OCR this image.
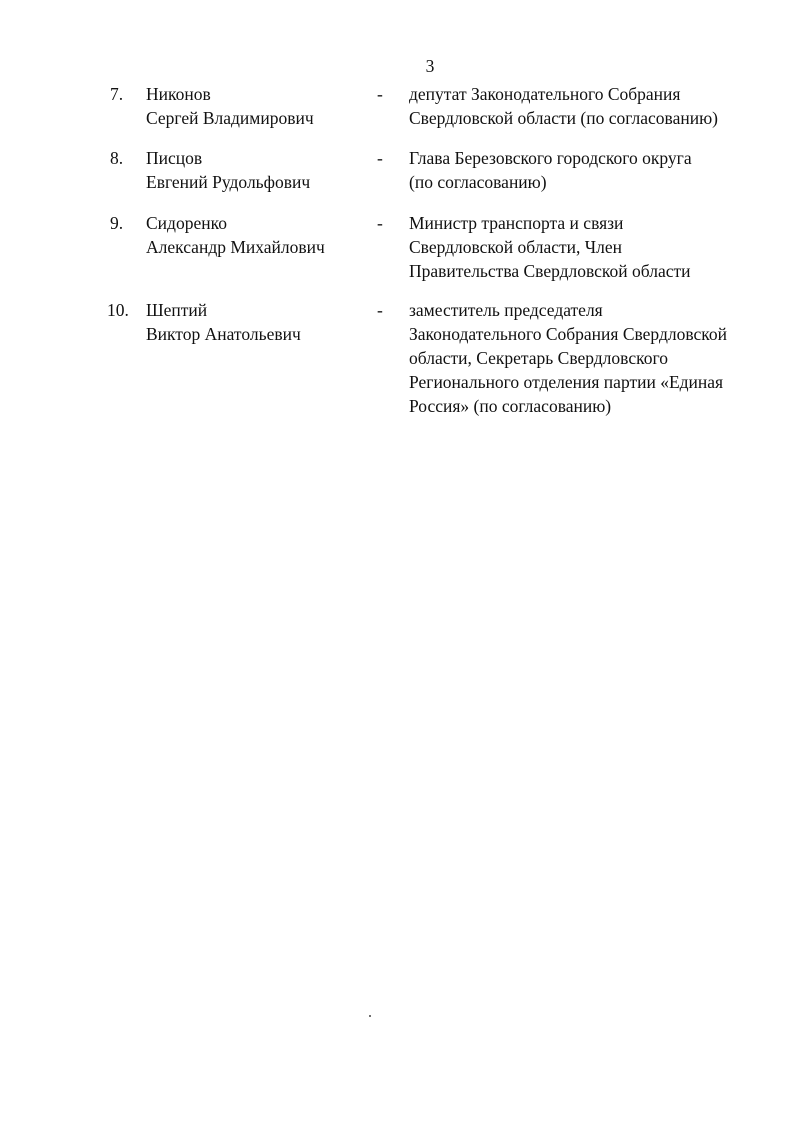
3
7. Никонов
Сергей Владимирович
- депутат Законодательного Собрания
Свердловской области (по согласованию)
8. Писцов
Евгений Рудольфович
- Глава Березовского городского округа
(по согласованию)
9. Сидоренко
Александр Михайлович
- Министр транспорта и связи
Свердловской области, Член
Правительства Свердловской области
10. Шептий
Виктор Анатольевич
- заместитель председателя
Законодательного Собрания Свердловской
области, Секретарь Свердловского
Регионального отделения партии «Единая
Россия» (по согласованию)
